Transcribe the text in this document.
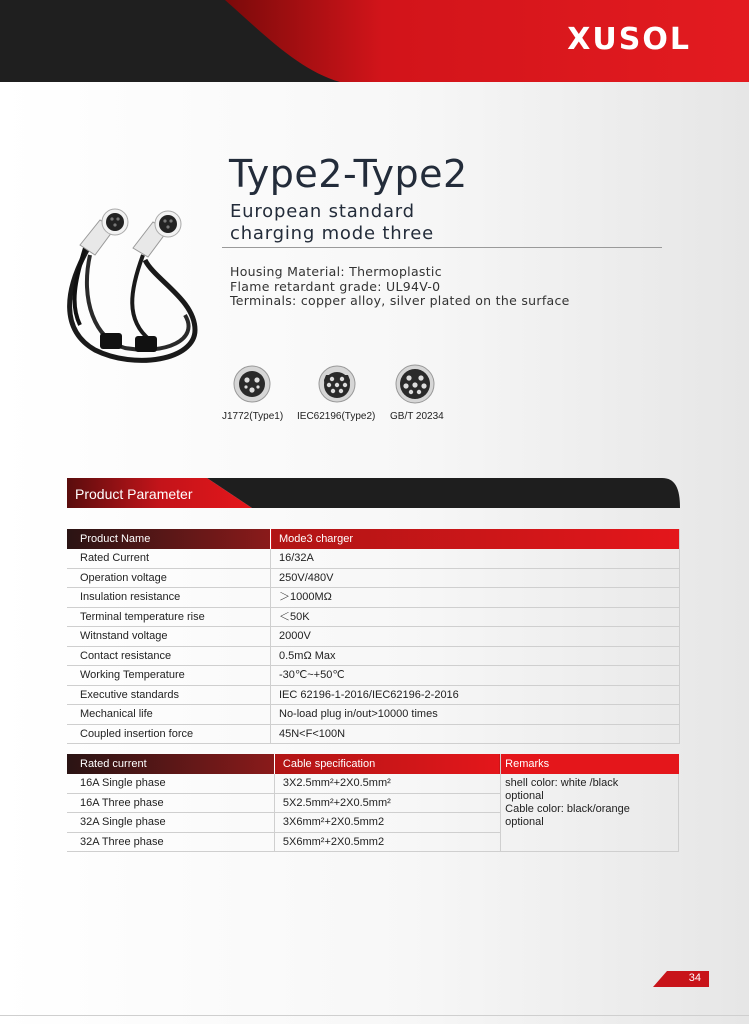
XUSOL
Type2-Type2
European standard
charging mode three
Housing Material: Thermoplastic
Flame retardant grade: UL94V-0
Terminals: copper alloy, silver plated on the surface
J1772(Type1) IEC62196(Type2) GB/T 20234
Product Parameter
Product Name	Mode3 charger
Rated Current	16/32A
Operation voltage	250V/480V
Insulation resistance	＞1000MΩ
Terminal temperature rise	＜50K
Witnstand voltage	2000V
Contact resistance	0.5mΩ Max
Working Temperature	-30℃~+50℃
Executive standards	IEC 62196-1-2016/IEC62196-2-2016
Mechanical life	No-load plug in/out>10000 times
Coupled insertion force	45N<F<100N
Rated current	Cable specification	Remarks
16A Single phase	3X2.5mm²+2X0.5mm²	shell color: white /black
optional
Cable color: black/orange
optional

16A Three phase	5X2.5mm²+2X0.5mm²	
32A Single phase	3X6mm²+2X0.5mm2	
32A Three phase	5X6mm²+2X0.5mm2	
34
